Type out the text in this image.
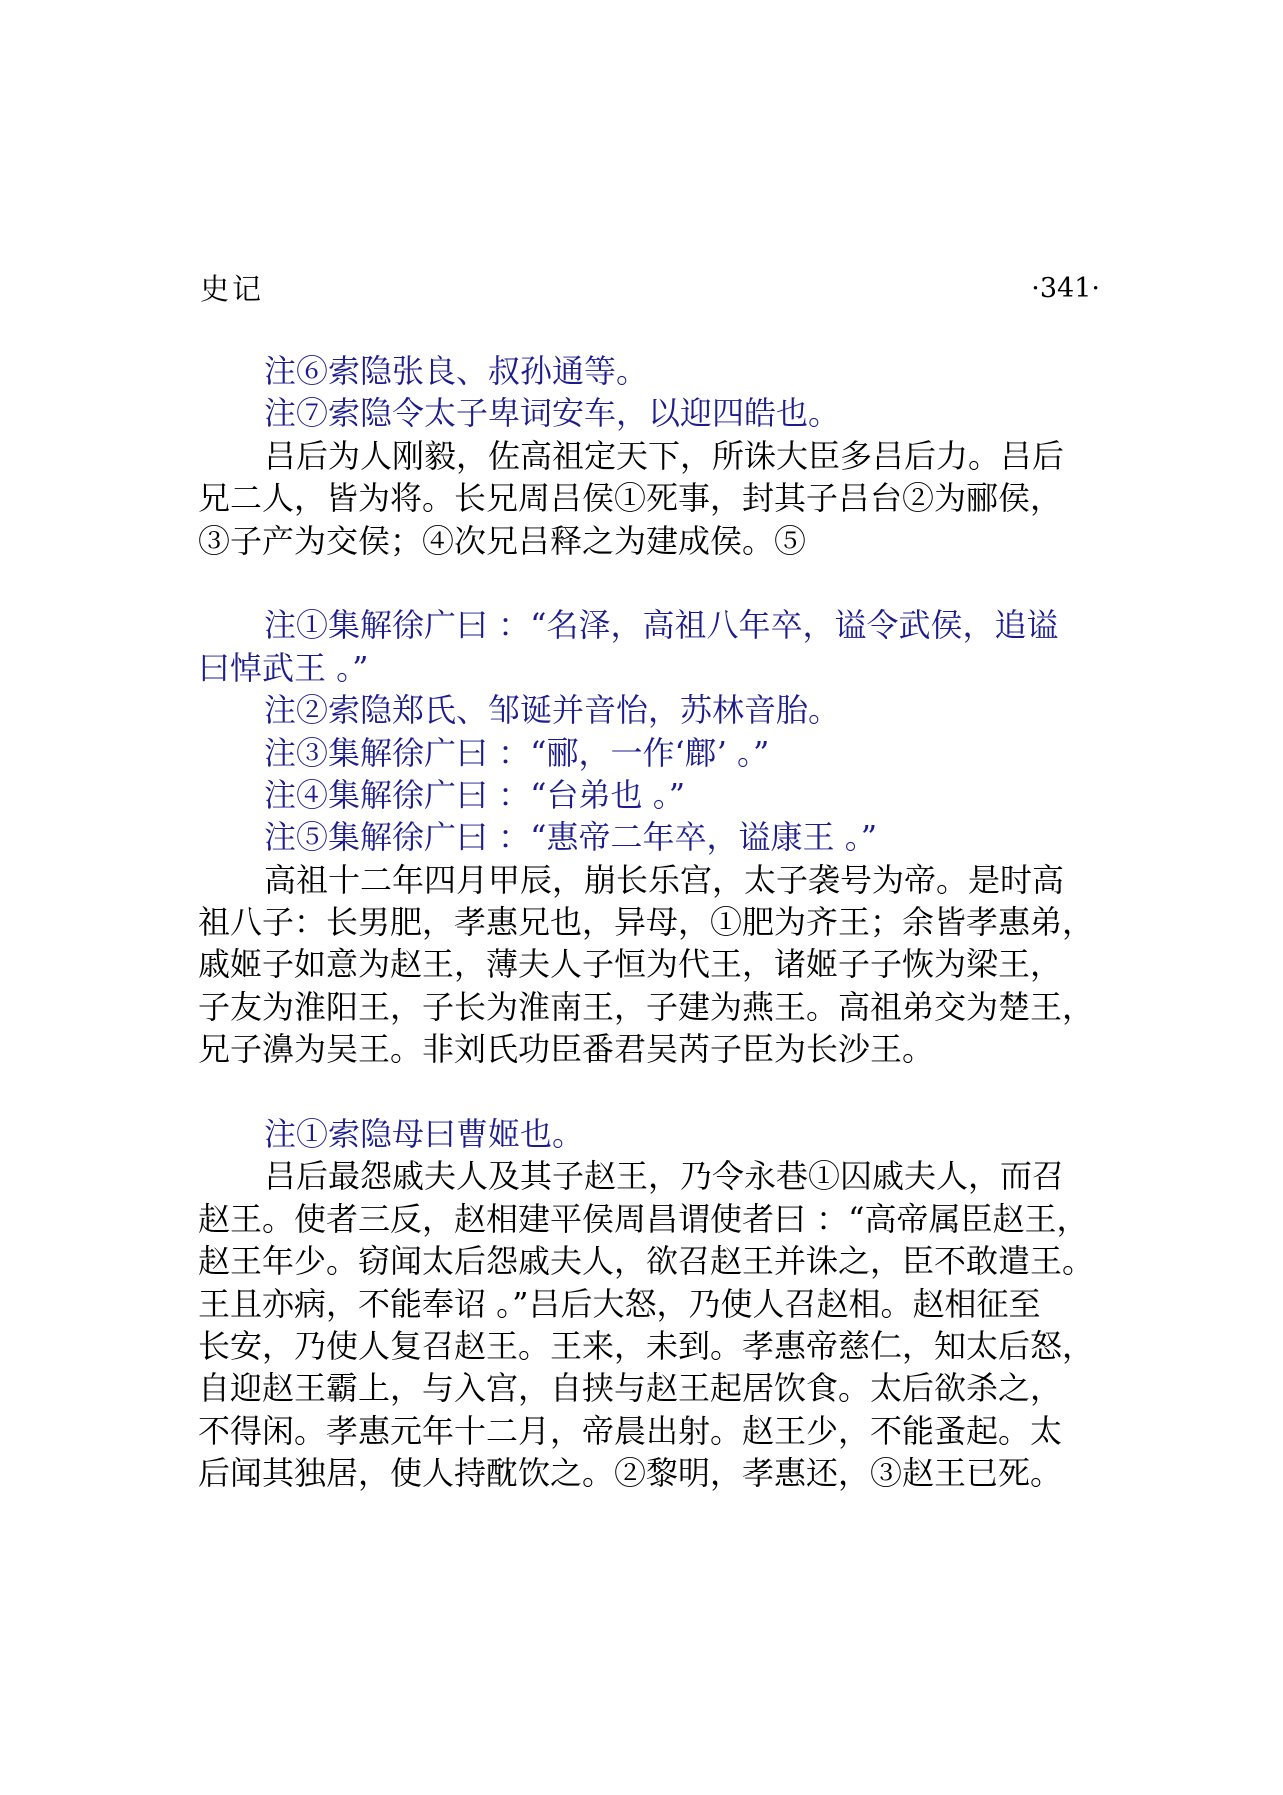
史记	·341·
注⑥索隐张良、叔孙通等。
注⑦索隐令太子卑词安车，以迎四皓也。
吕后为人刚毅，佐高祖定天下，所诛大臣多吕后力。吕后
兄二人，皆为将。长兄周吕侯①死事，封其子吕台②为郦侯，
③子产为交侯；④次兄吕释之为建成侯。⑤
注①集解徐广曰 ：“名泽，高祖八年卒，谥令武侯，追谥
曰悼武王 。”
注②索隐郑氏、邹诞并音怡，苏林音胎。
注③集解徐广曰 ：“郦，一作‘鄜’ 。”
注④集解徐广曰 ：“台弟也 。”
注⑤集解徐广曰 ：“惠帝二年卒，谥康王 。”
高祖十二年四月甲辰，崩长乐宫，太子袭号为帝。是时高
祖八子：长男肥，孝惠兄也，异母，①肥为齐王；余皆孝惠弟，
戚姬子如意为赵王，薄夫人子恒为代王，诸姬子子恢为梁王，
子友为淮阳王，子长为淮南王，子建为燕王。高祖弟交为楚王，
兄子濞为吴王。非刘氏功臣番君吴芮子臣为长沙王。
注①索隐母曰曹姬也。
吕后最怨戚夫人及其子赵王，乃令永巷①囚戚夫人，而召
赵王。使者三反，赵相建平侯周昌谓使者曰 ：“高帝属臣赵王，
赵王年少。窃闻太后怨戚夫人，欲召赵王并诛之，臣不敢遣王。
王且亦病，不能奉诏 。”吕后大怒，乃使人召赵相。赵相征至
长安，乃使人复召赵王。王来，未到。孝惠帝慈仁，知太后怒，
自迎赵王霸上，与入宫，自挟与赵王起居饮食。太后欲杀之，
不得闲。孝惠元年十二月，帝晨出射。赵王少，不能蚤起。太
后闻其独居，使人持酖饮之。②黎明，孝惠还，③赵王已死。
